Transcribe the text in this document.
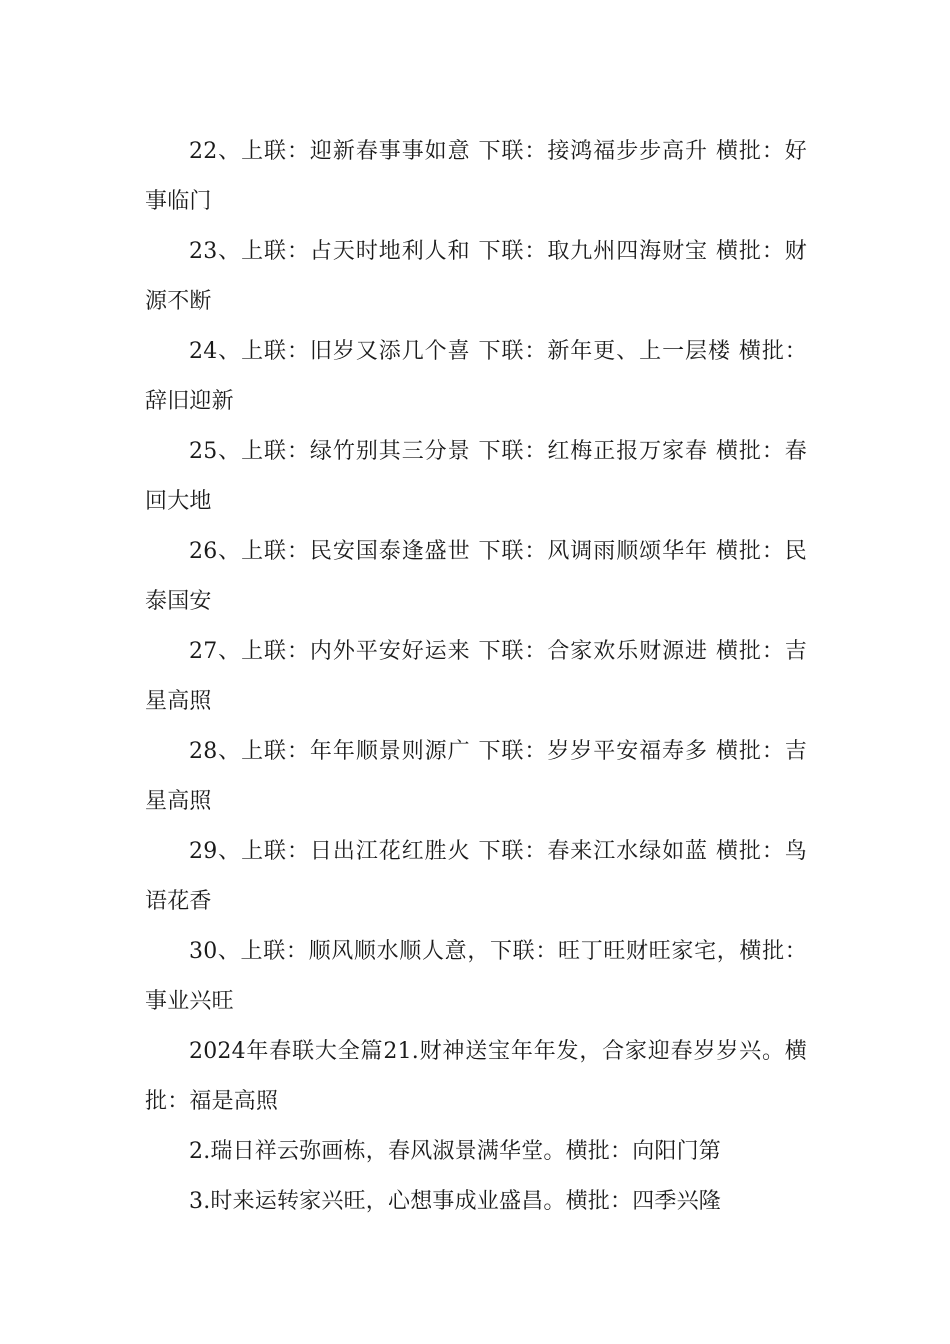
22、上联：迎新春事事如意 下联：接鸿福步步高升 横批：好事临门

23、上联：占天时地利人和 下联：取九州四海财宝 横批：财源不断

24、上联：旧岁又添几个喜 下联：新年更、上一层楼 横批：辞旧迎新

25、上联：绿竹别其三分景 下联：红梅正报万家春 横批：春回大地

26、上联：民安国泰逢盛世 下联：风调雨顺颂华年 横批：民泰国安

27、上联：内外平安好运来 下联：合家欢乐财源进 横批：吉星高照

28、上联：年年顺景则源广 下联：岁岁平安福寿多 横批：吉星高照

29、上联：日出江花红胜火 下联：春来江水绿如蓝 横批：鸟语花香

30、上联：顺风顺水顺人意，下联：旺丁旺财旺家宅，横批：事业兴旺

2024年春联大全篇21.财神送宝年年发，合家迎春岁岁兴。横批：福是高照

2.瑞日祥云弥画栋，春风淑景满华堂。横批：向阳门第

3.时来运转家兴旺，心想事成业盛昌。横批：四季兴隆
